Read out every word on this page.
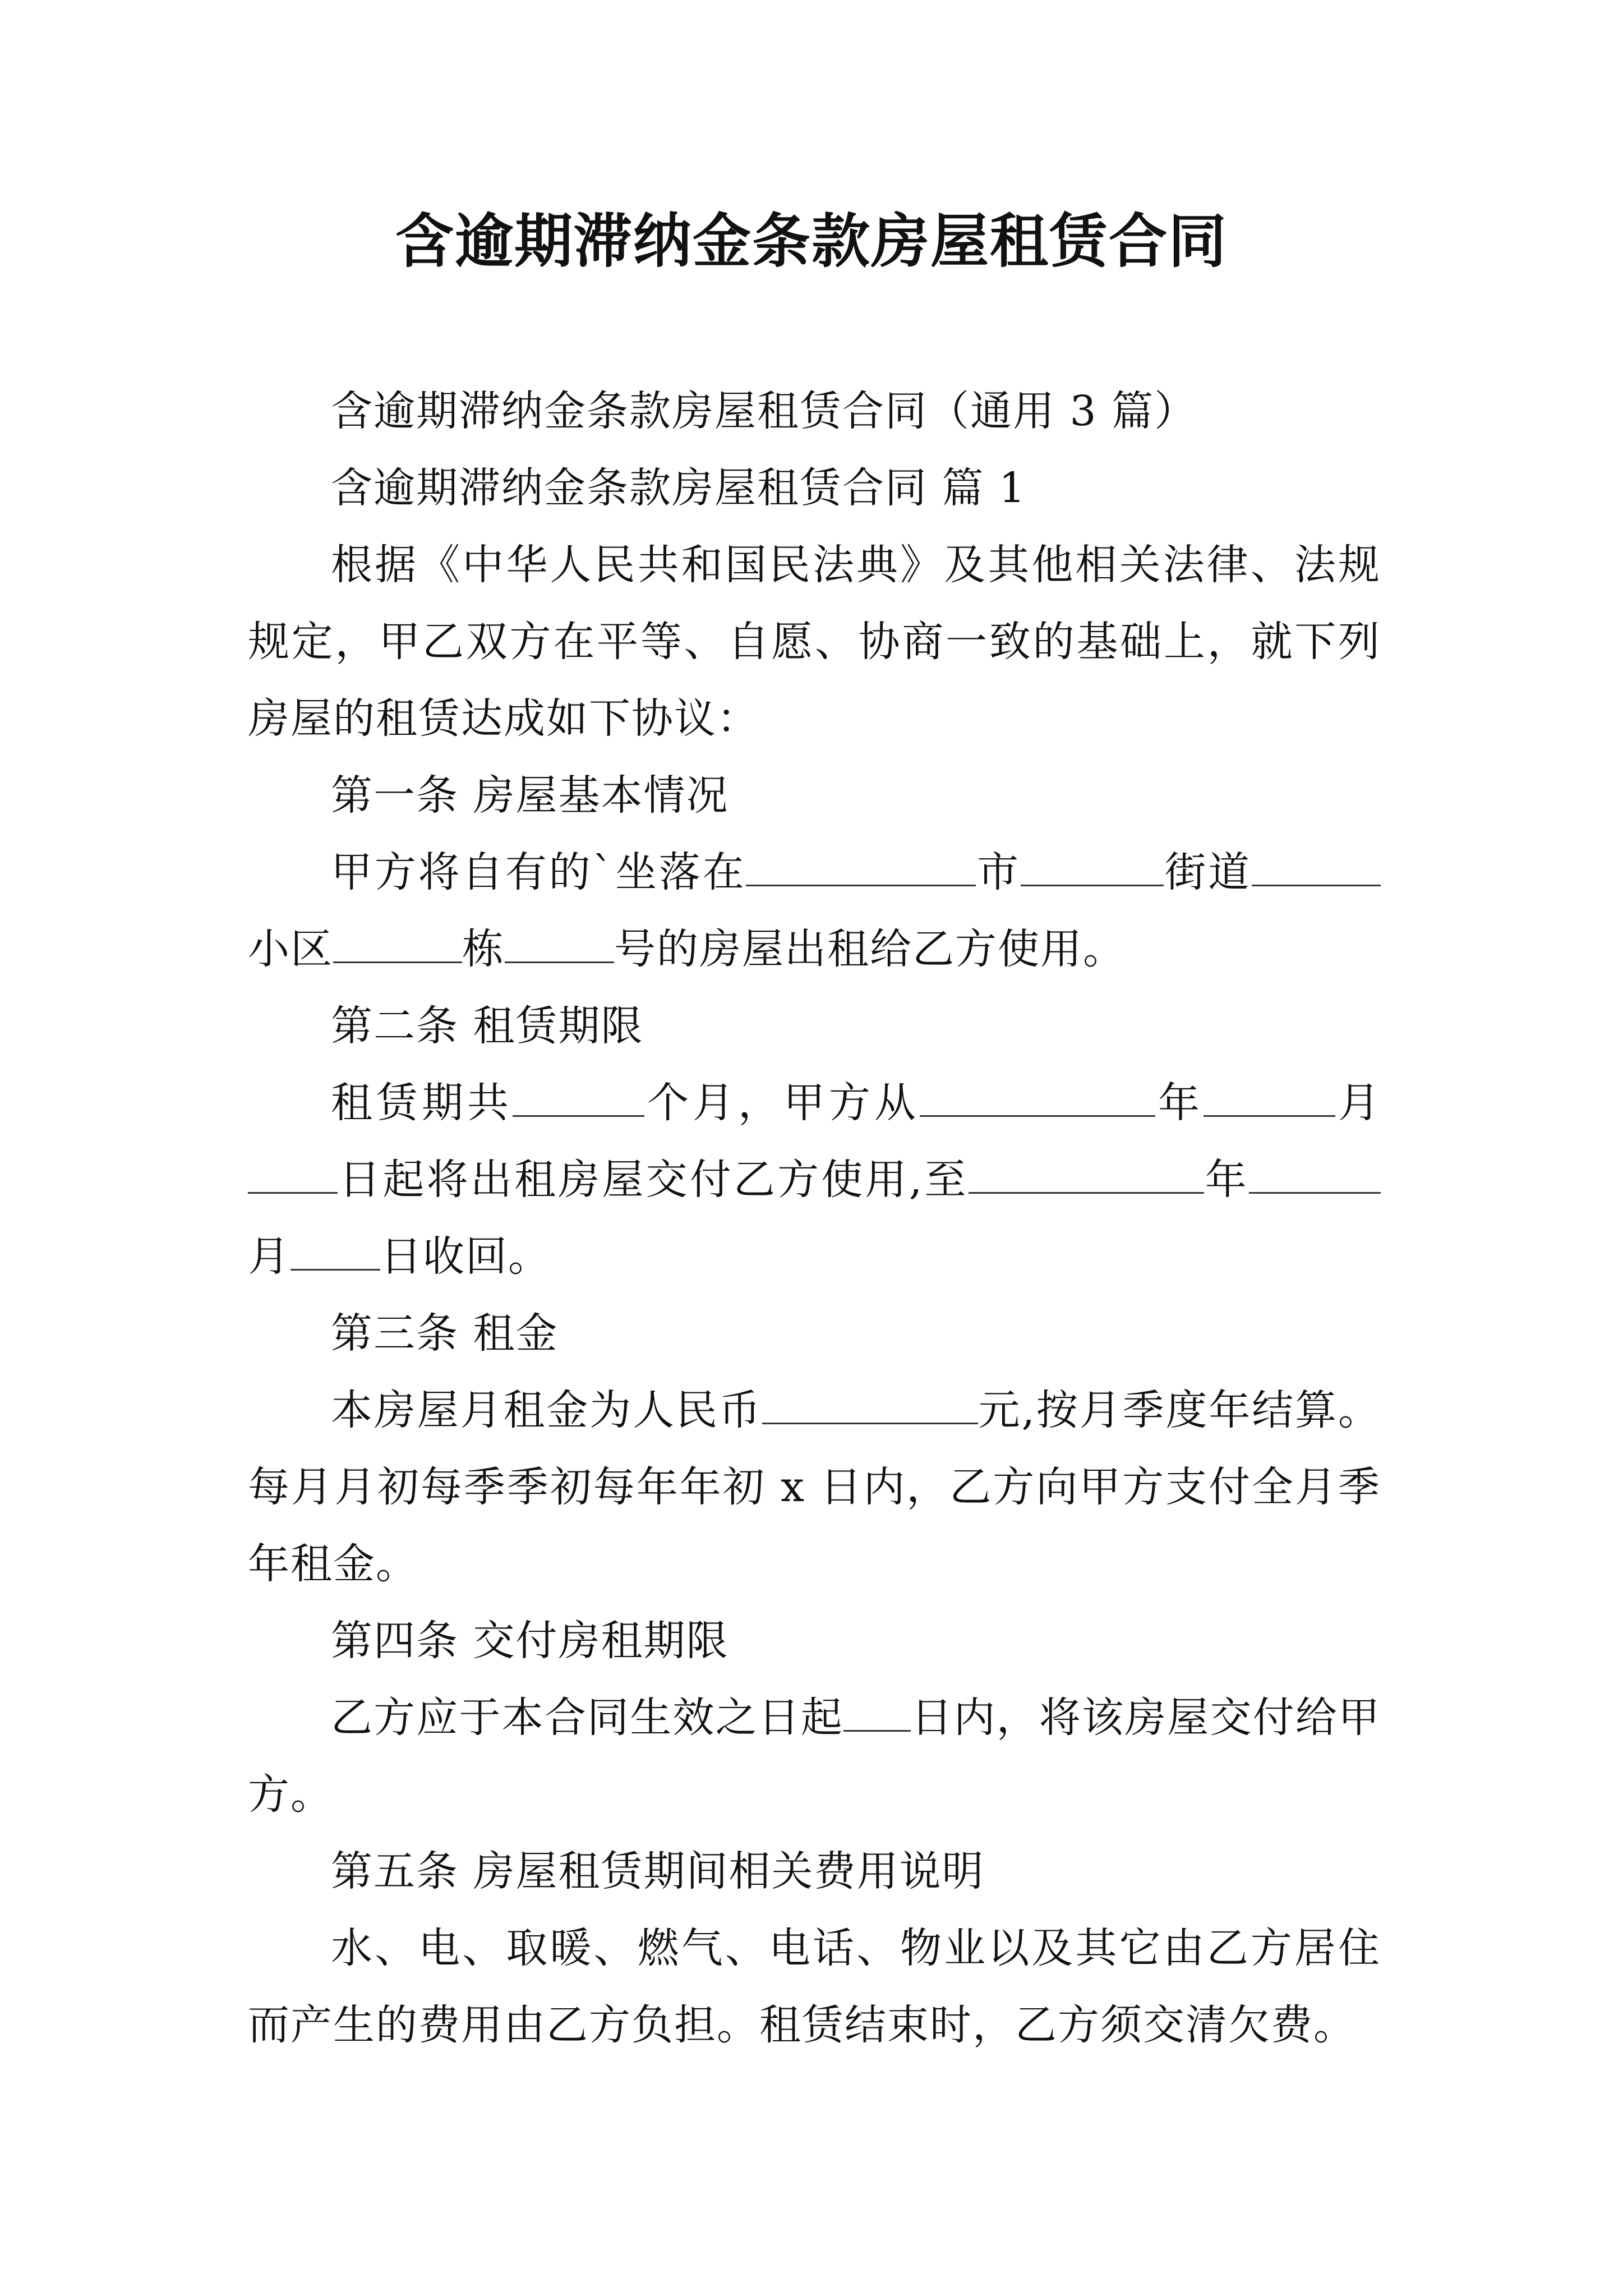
含逾期滞纳金条款房屋租赁合同

含逾期滞纳金条款房屋租赁合同（通用 3 篇）

含逾期滞纳金条款房屋租赁合同 篇 1

根据《中华人民共和国民法典》及其他相关法律、法规规定，甲乙双方在平等、自愿、协商一致的基础上，就下列房屋的租赁达成如下协议：

第一条 房屋基本情况

甲方将自有的`坐落在	市	街道小区	栋	号的房屋出租给乙方使用。

第二条 租赁期限

租赁期共	个月，甲方从	年	月日起将出租房屋交付乙方使用,至	年月 日收回。

第三条 租金

本房屋月租金为人民币	元,按月季度年结算。每月月初每季季初每年年初 x 日内，乙方向甲方支付全月季年租金。

第四条 交付房租期限

乙方应于本合同生效之日起 日内，将该房屋交付给甲方。

第五条 房屋租赁期间相关费用说明

水、电、取暖、燃气、电话、物业以及其它由乙方居住而产生的费用由乙方负担。租赁结束时，乙方须交清欠费。
